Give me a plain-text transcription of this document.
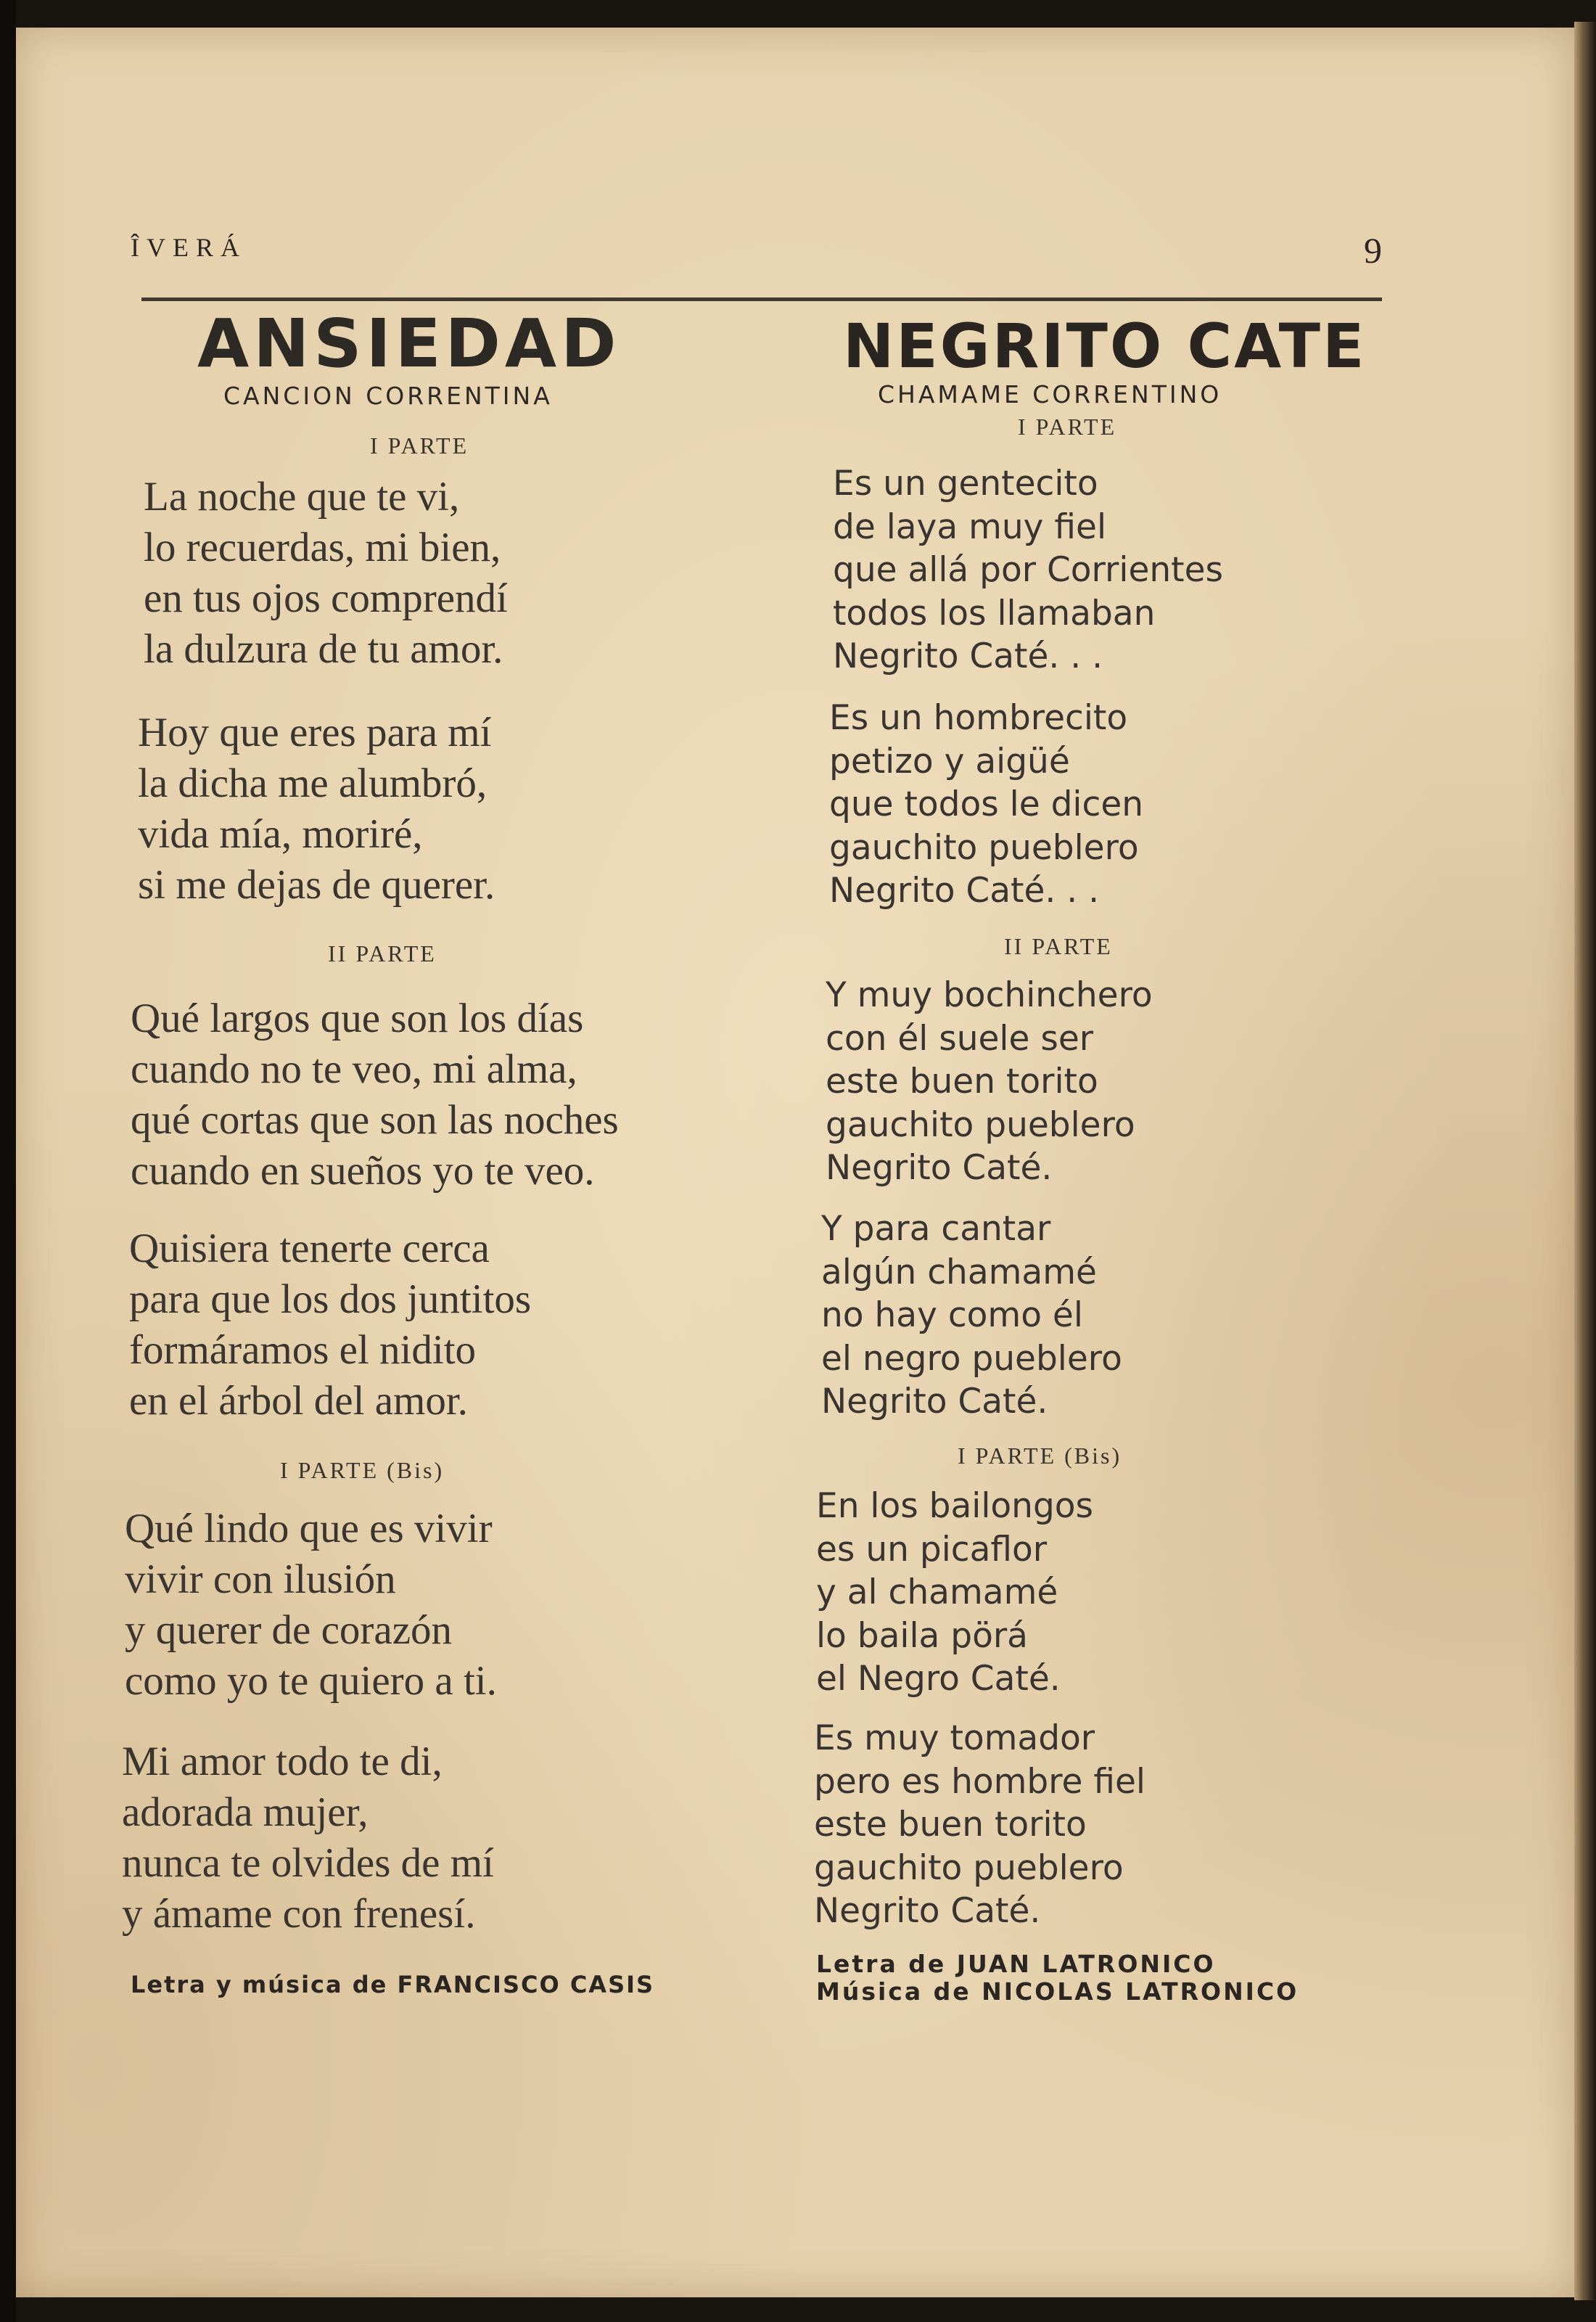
ÎVERÁ	9
ANSIEDAD
CANCION CORRENTINA
I PARTE
La noche que te vi,
lo recuerdas, mi bien,
en tus ojos comprendí
la dulzura de tu amor.
Hoy que eres para mí
la dicha me alumbró,
vida mía, moriré,
si me dejas de querer.
II PARTE
Qué largos que son los días
cuando no te veo, mi alma,
qué cortas que son las noches
cuando en sueños yo te veo.
Quisiera tenerte cerca
para que los dos juntitos
formáramos el nidito
en el árbol del amor.
I PARTE (Bis)
Qué lindo que es vivir
vivir con ilusión
y querer de corazón
como yo te quiero a ti.
Mi amor todo te di,
adorada mujer,
nunca te olvides de mí
y ámame con frenesí.
Letra y música de FRANCISCO CASIS
NEGRITO CATE
CHAMAME CORRENTINO
I PARTE
Es un gentecito
de laya muy fiel
que allá por Corrientes
todos los llamaban
Negrito Caté. . .
Es un hombrecito
petizo y aigüé
que todos le dicen
gauchito pueblero
Negrito Caté. . .
II PARTE
Y muy bochinchero
con él suele ser
este buen torito
gauchito pueblero
Negrito Caté.
Y para cantar
algún chamamé
no hay como él
el negro pueblero
Negrito Caté.
I PARTE (Bis)
En los bailongos
es un picaflor
y al chamamé
lo baila pörá
el Negro Caté.
Es muy tomador
pero es hombre fiel
este buen torito
gauchito pueblero
Negrito Caté.
Letra de JUAN LATRONICO
Música de NICOLAS LATRONICO
